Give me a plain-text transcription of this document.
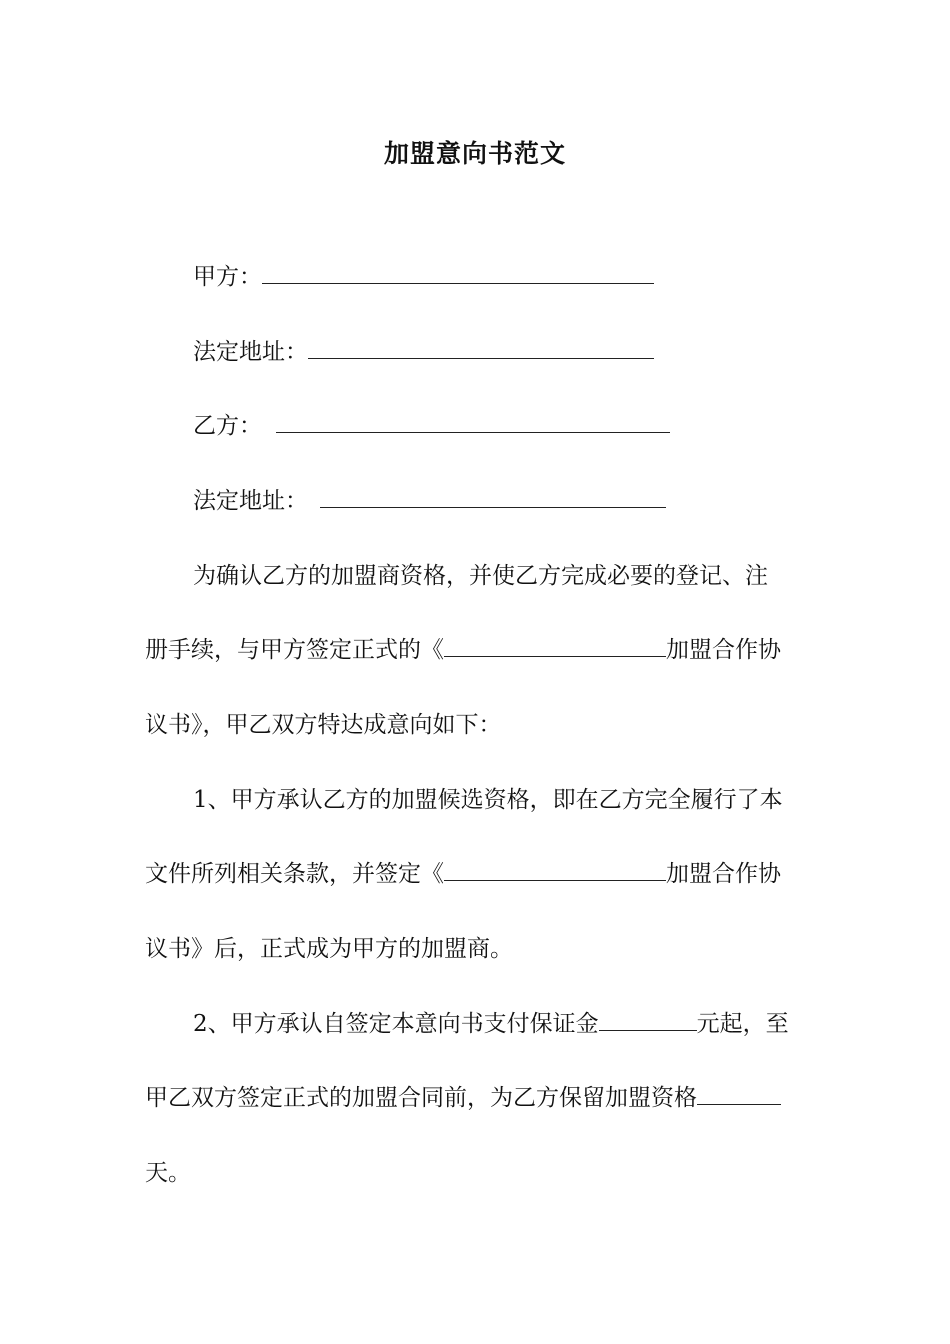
加盟意向书范文
甲方：
法定地址：
乙方：
法定地址：
为确认乙方的加盟商资格，并使乙方完成必要的登记、注
册手续，与甲方签定正式的《	加盟合作协
议书》，甲乙双方特达成意向如下：
1、甲方承认乙方的加盟候选资格，即在乙方完全履行了本
文件所列相关条款，并签定《	加盟合作协
议书》后，正式成为甲方的加盟商。
2、甲方承认自签定本意向书支付保证金	元起，至
甲乙双方签定正式的加盟合同前，为乙方保留加盟资格
天。
